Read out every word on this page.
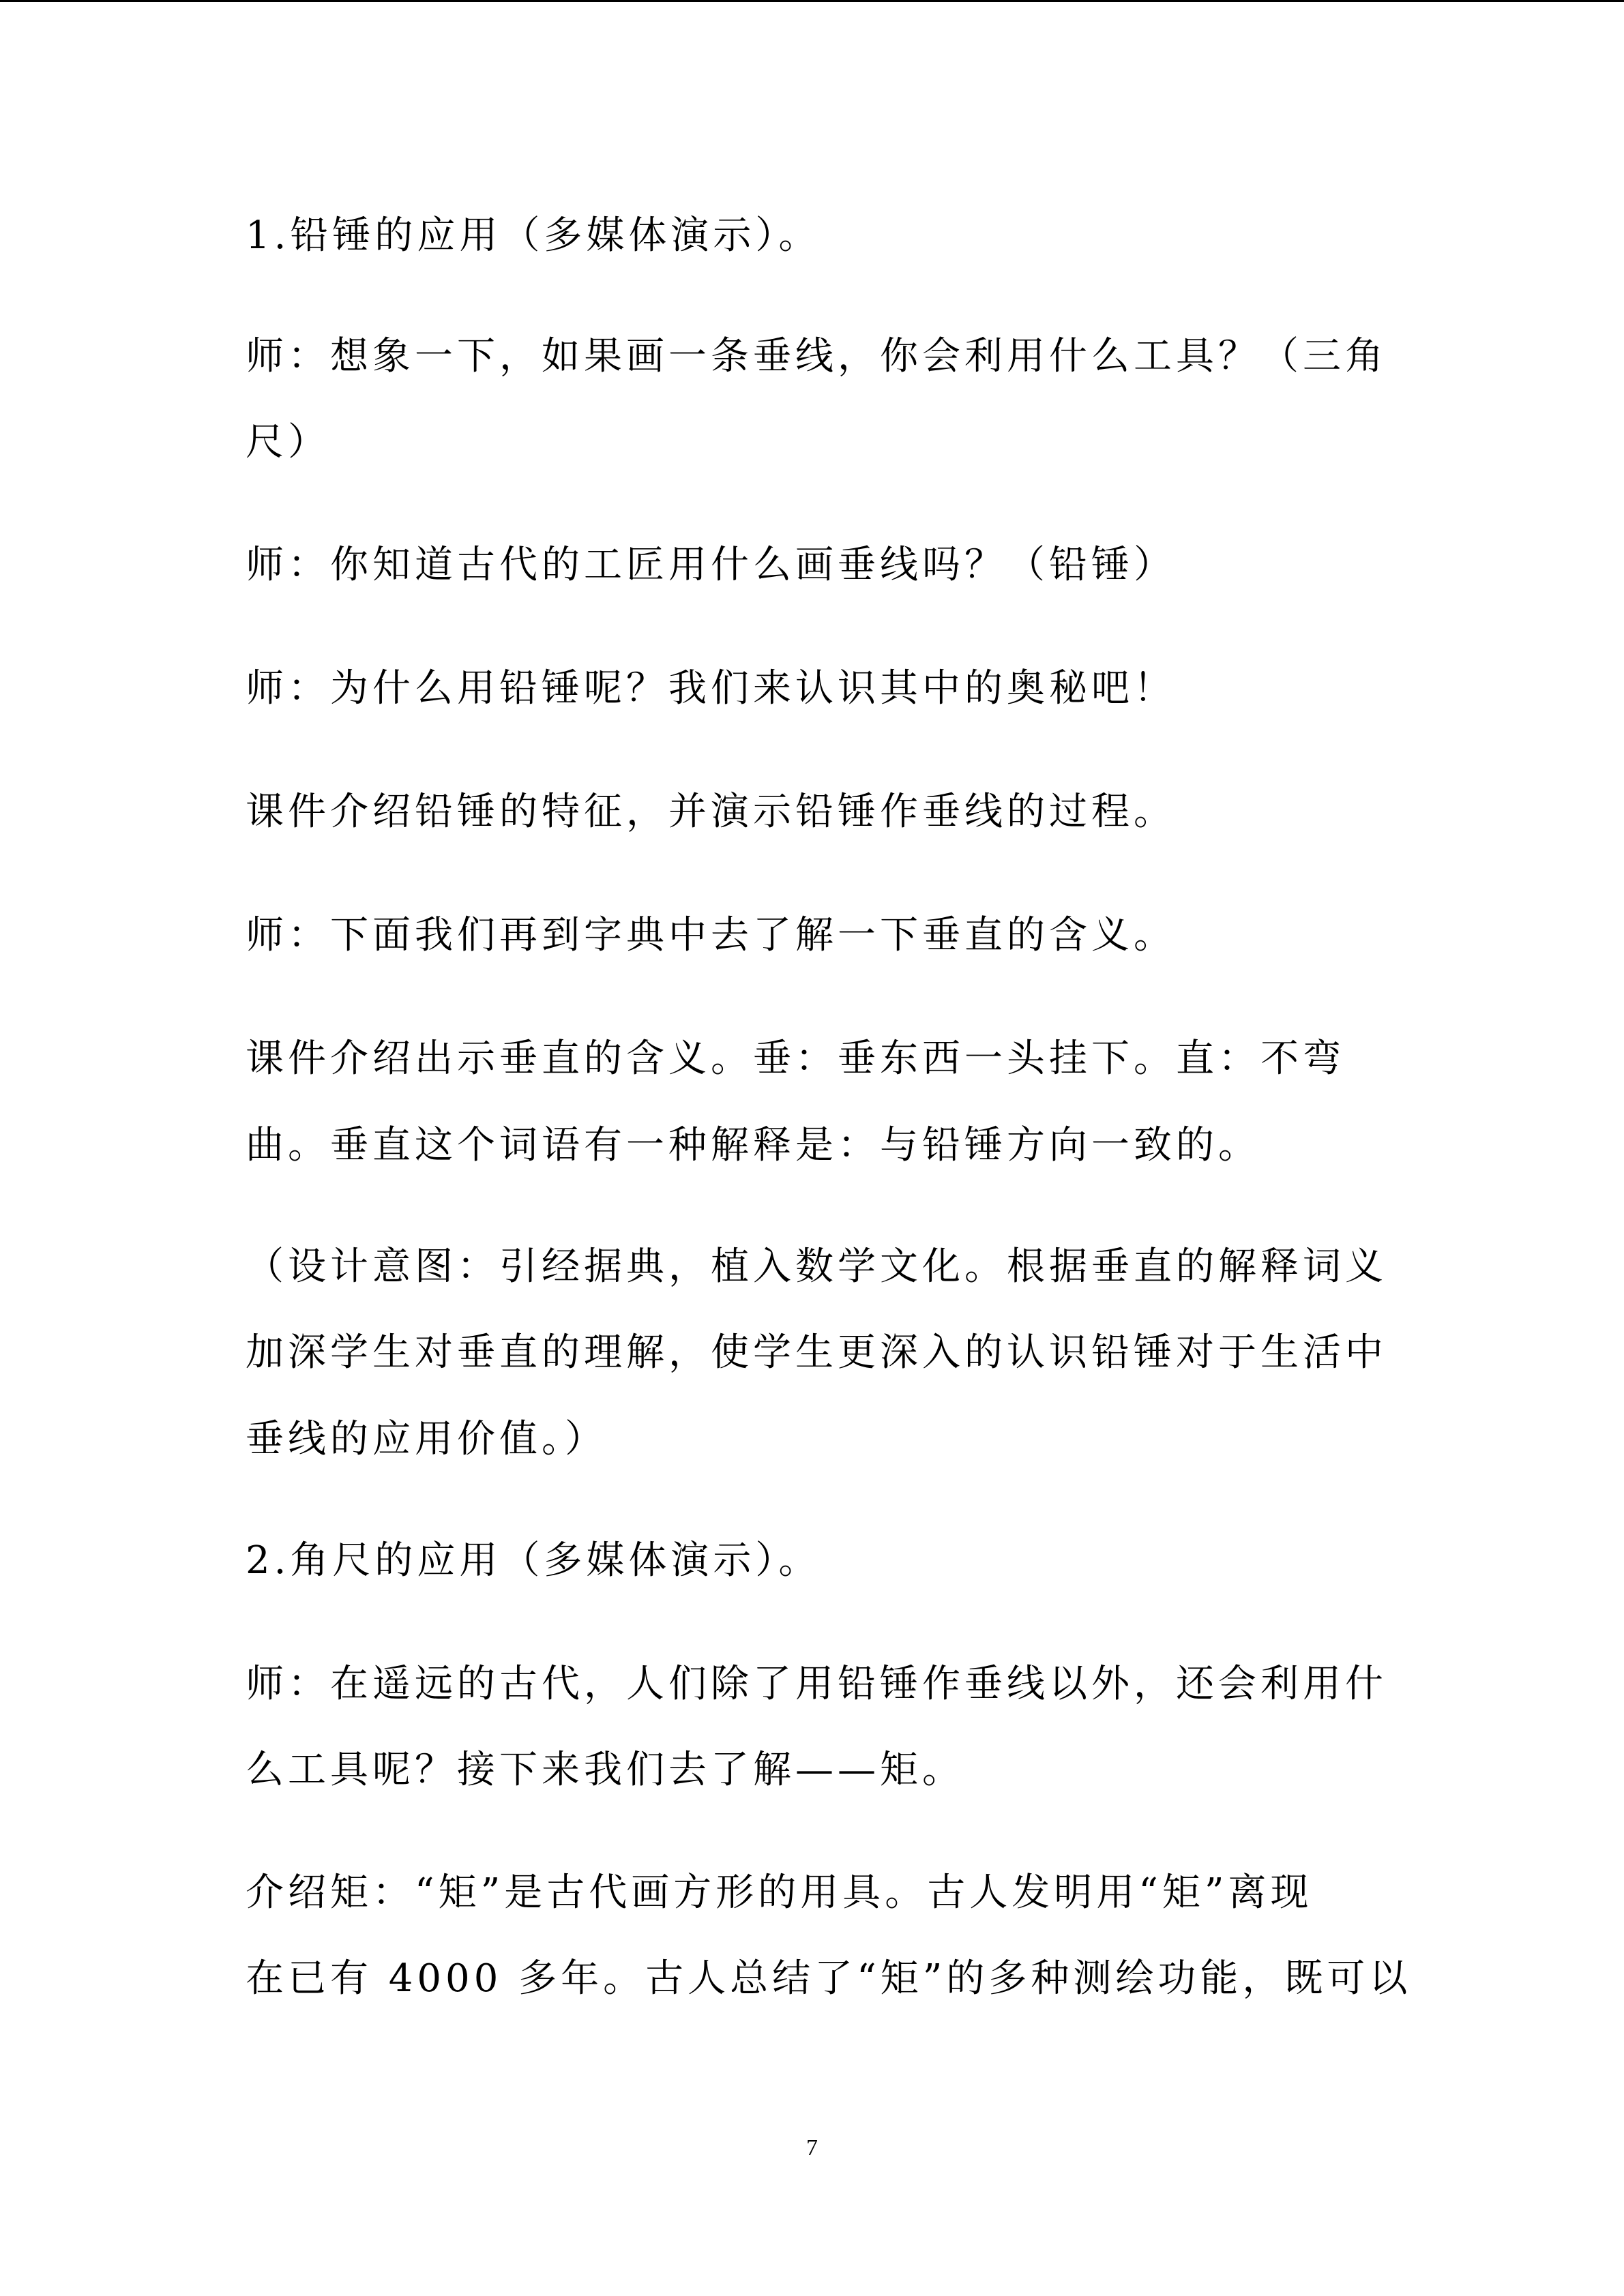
1.铅锤的应用（多媒体演示）。

师：想象一下，如果画一条垂线，你会利用什么工具？（三角

尺）

师：你知道古代的工匠用什么画垂线吗？（铅锤）

师：为什么用铅锤呢？我们来认识其中的奥秘吧！

课件介绍铅锤的特征，并演示铅锤作垂线的过程。

师：下面我们再到字典中去了解一下垂直的含义。

课件介绍出示垂直的含义。垂：垂东西一头挂下。直：不弯

曲。垂直这个词语有一种解释是：与铅锤方向一致的。

（设计意图：引经据典，植入数学文化。根据垂直的解释词义

加深学生对垂直的理解，使学生更深入的认识铅锤对于生活中

垂线的应用价值。）

2.角尺的应用（多媒体演示）。

师：在遥远的古代，人们除了用铅锤作垂线以外，还会利用什

么工具呢？接下来我们去了解——矩。

介绍矩：“矩”是古代画方形的用具。古人发明用“矩”离现

在已有 4000 多年。古人总结了“矩”的多种测绘功能，既可以

7
